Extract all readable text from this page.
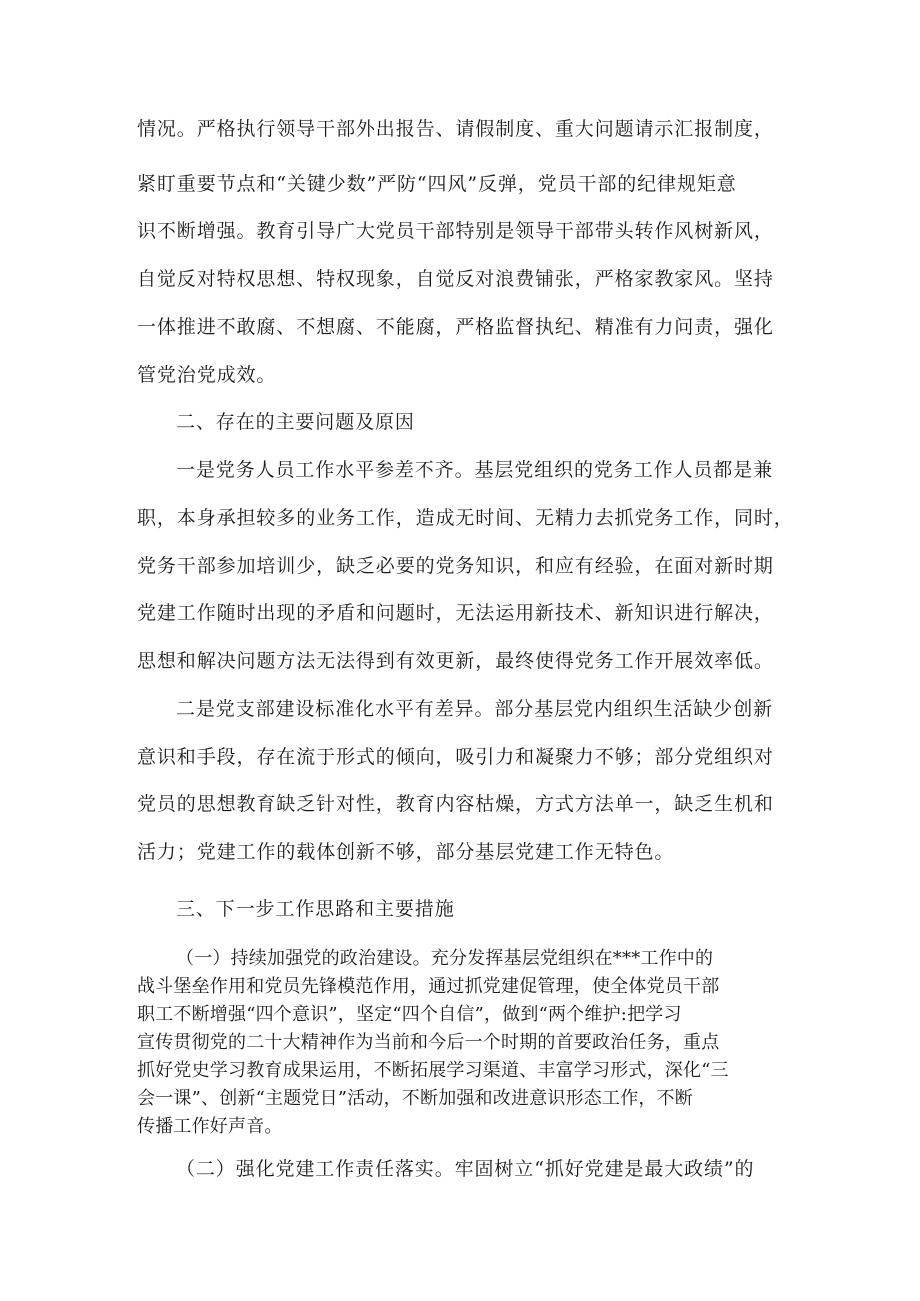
情况。严格执行领导干部外出报告、请假制度、重大问题请示汇报制度，
紧盯重要节点和“关键少数”严防“四风”反弹，党员干部的纪律规矩意
识不断增强。教育引导广大党员干部特别是领导干部带头转作风树新风，
自觉反对特权思想、特权现象，自觉反对浪费铺张，严格家教家风。坚持
一体推进不敢腐、不想腐、不能腐，严格监督执纪、精准有力问责，强化
管党治党成效。
二、存在的主要问题及原因
一是党务人员工作水平参差不齐。基层党组织的党务工作人员都是兼
职，本身承担较多的业务工作，造成无时间、无精力去抓党务工作，同时，
党务干部参加培训少，缺乏必要的党务知识，和应有经验，在面对新时期
党建工作随时出现的矛盾和问题时，无法运用新技术、新知识进行解决，
思想和解决问题方法无法得到有效更新，最终使得党务工作开展效率低。
二是党支部建设标准化水平有差异。部分基层党内组织生活缺少创新
意识和手段，存在流于形式的倾向，吸引力和凝聚力不够；部分党组织对
党员的思想教育缺乏针对性，教育内容枯燥，方式方法单一，缺乏生机和
活力；党建工作的载体创新不够，部分基层党建工作无特色。
三、下一步工作思路和主要措施
（一）持续加强党的政治建设。充分发挥基层党组织在***工作中的
战斗堡垒作用和党员先锋模范作用，通过抓党建促管理，使全体党员干部
职工不断增强“四个意识”，坚定“四个自信”，做到“两个维护:把学习
宣传贯彻党的二十大精神作为当前和今后一个时期的首要政治任务，重点
抓好党史学习教育成果运用，不断拓展学习渠道、丰富学习形式，深化“三
会一课”、创新“主题党日”活动，不断加强和改进意识形态工作，不断
传播工作好声音。
（二）强化党建工作责任落实。牢固树立“抓好党建是最大政绩”的
